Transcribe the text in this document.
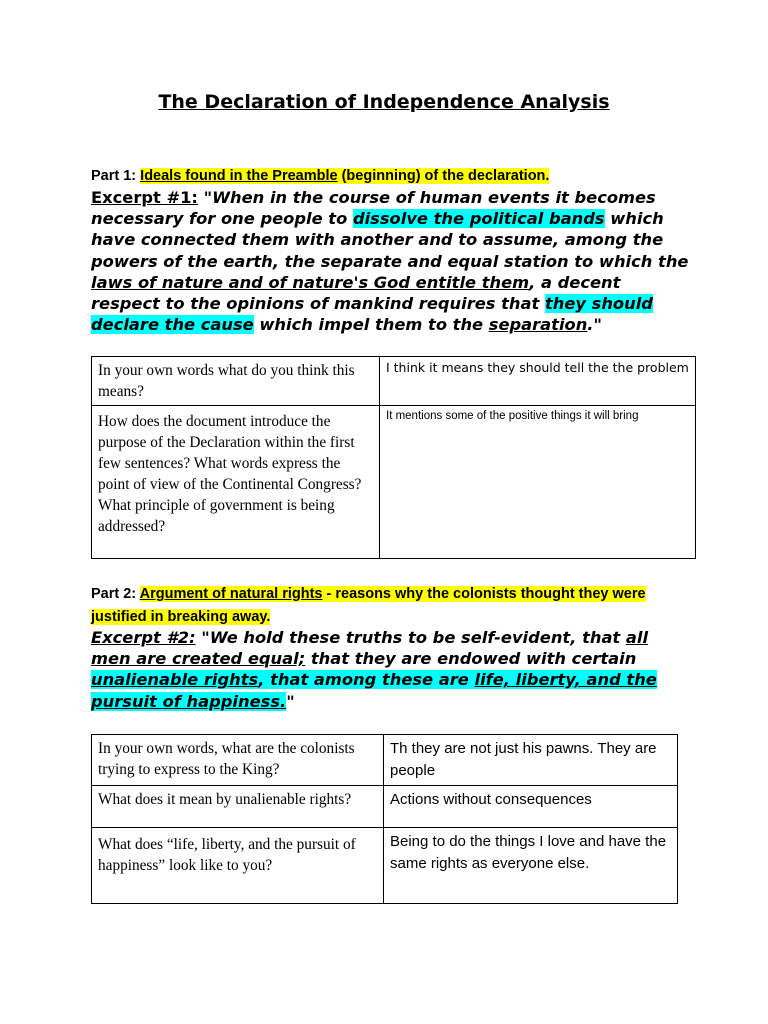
The Declaration of Independence Analysis
Part 1: Ideals found in the Preamble (beginning) of the declaration.
Excerpt #1: "When in the course of human events it becomes necessary for one people to dissolve the political bands which have connected them with another and to assume, among the powers of the earth, the separate and equal station to which the laws of nature and of nature's God entitle them, a decent respect to the opinions of mankind requires that they should declare the cause which impel them to the separation."
In your own words what do you think this means?	I think it means they should tell the the problem
How does the document introduce the purpose of the Declaration within the first few sentences? What words express the point of view of the Continental Congress? What principle of government is being addressed?	It mentions some of the positive things it will bring
Part 2: Argument of natural rights - reasons why the colonists thought they were justified in breaking away.
Excerpt #2: "We hold these truths to be self-evident, that all men are created equal; that they are endowed with certain unalienable rights, that among these are life, liberty, and the pursuit of happiness."
In your own words, what are the colonists trying to express to the King?	Th they are not just his pawns. They are people
What does it mean by unalienable rights?	Actions without consequences
What does “life, liberty, and the pursuit of happiness” look like to you?	Being to do the things I love and have the same rights as everyone else.
